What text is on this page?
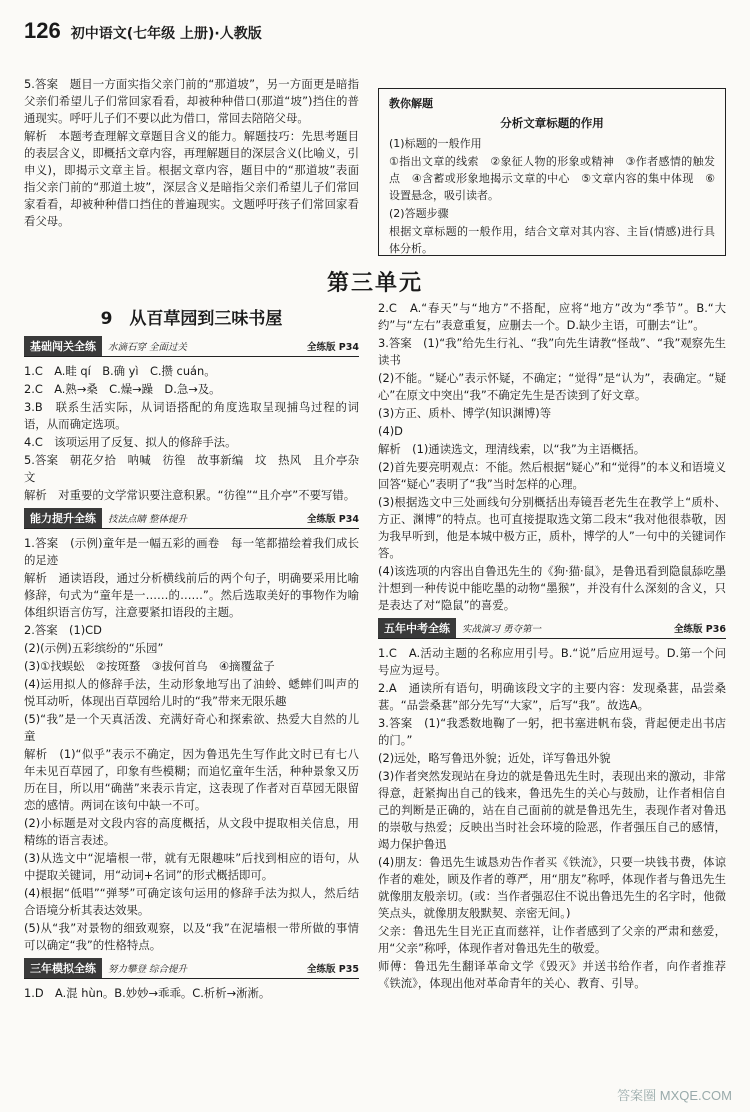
126 初中语文(七年级 上册)·人教版

5.答案　题目一方面实指父亲门前的“那道坡”，另一方面更是暗指父亲们希望儿子们常回家看看，却被种种借口(那道“坡”)挡住的普通现实。呼吁儿子们不要以此为借口，常回去陪陪父母。

解析　本题考查理解文章题目含义的能力。解题技巧：先思考题目的表层含义，即概括文章内容，再理解题目的深层含义(比喻义，引申义)，即揭示文章主旨。根据文章内容，题目中的“那道坡”表面指父亲门前的“那道土坡”，深层含义是暗指父亲们希望儿子们常回家看看，却被种种借口挡住的普遍现实。文题呼吁孩子们常回家看看父母。

教你解题
分析文章标题的作用

(1)标题的一般作用

①指出文章的线索　②象征人物的形象或精神　③作者感情的触发点　④含蓄或形象地揭示文章的中心　⑤文章内容的集中体现　⑥设置悬念，吸引读者。

(2)答题步骤

根据文章标题的一般作用，结合文章对其内容、主旨(情感)进行具体分析。

第三单元
9　从百草园到三味书屋
基础闯关全练	水滴石穿 全面过关	全练版 P34

1.C　A.畦 qí　B.确 yì　C.攒 cuán。

2.C　A.熟→桑　C.燥→躁　D.急→及。

3.B　联系生活实际，从词语搭配的角度选取呈现捕鸟过程的词语，从而确定选项。

4.C　该项运用了反复、拟人的修辞手法。

5.答案　朝花夕拾　呐喊　彷徨　故事新编　坟　热风　且介亭杂文

解析　对重要的文学常识要注意积累。“彷徨”“且介亭”不要写错。

能力提升全练	技法点睛 整体提升	全练版 P34

1.答案　(示例)童年是一幅五彩的画卷　每一笔都描绘着我们成长的足迹

解析　通读语段，通过分析横线前后的两个句子，明确要采用比喻修辞，句式为“童年是一……的……”。然后选取美好的事物作为喻体组织语言仿写，注意要紧扣语段的主题。

2.答案　(1)CD

(2)(示例)五彩缤纷的“乐园”

(3)①找蜈蚣　②按斑蝥　③拔何首乌　④摘覆盆子

(4)运用拟人的修辞手法，生动形象地写出了油蛉、蟋蟀们叫声的悦耳动听，体现出百草园给儿时的“我”带来无限乐趣

(5)“我”是一个天真活泼、充满好奇心和探索欲、热爱大自然的儿童

解析　(1)“似乎”表示不确定，因为鲁迅先生写作此文时已有七八年未见百草园了，印象有些模糊；而追忆童年生活，种种景象又历历在目，所以用“确凿”来表示肯定，这表现了作者对百草园无限留恋的感情。两词在该句中缺一不可。

(2)小标题是对文段内容的高度概括，从文段中提取相关信息，用精练的语言表述。

(3)从选文中“泥墙根一带，就有无限趣味”后找到相应的语句，从中提取关键词，用“动词+名词”的形式概括即可。

(4)根据“低唱”“弹琴”可确定该句运用的修辞手法为拟人，然后结合语境分析其表达效果。

(5)从“我”对景物的细致观察，以及“我”在泥墙根一带所做的事情可以确定“我”的性格特点。

三年模拟全练	努力攀登 综合提升	全练版 P35

1.D　A.混 hùn。B.妙妙→乖乖。C.析析→淅淅。

2.C　A.“春天”与“地方”不搭配，应将“地方”改为“季节”。B.“大约”与“左右”表意重复，应删去一个。D.缺少主语，可删去“让”。

3.答案　(1)“我”给先生行礼、“我”向先生请教“怪哉”、“我”观察先生读书

(2)不能。“疑心”表示怀疑，不确定；“觉得”是“认为”，表确定。“疑心”在原文中突出“我”不确定先生是否读到了好文章。

(3)方正、质朴、博学(知识渊博)等

(4)D

解析　(1)通读选文，理清线索，以“我”为主语概括。

(2)首先要亮明观点：不能。然后根据“疑心”和“觉得”的本义和语境义回答“疑心”表明了“我”当时怎样的心理。

(3)根据选文中三处画线句分别概括出寿镜吾老先生在教学上“质朴、方正、渊博”的特点。也可直接提取选文第二段末“我对他很恭敬，因为我早听到，他是本城中极方正，质朴，博学的人”一句中的关键词作答。

(4)该选项的内容出自鲁迅先生的《狗·猫·鼠》，是鲁迅看到隐鼠舔吃墨汁想到一种传说中能吃墨的动物“墨猴”，并没有什么深刻的含义，只是表达了对“隐鼠”的喜爱。

五年中考全练	实战演习 勇夺第一	全练版 P36

1.C　A.活动主题的名称应用引号。B.“说”后应用逗号。D.第一个问号应为逗号。

2.A　通读所有语句，明确该段文字的主要内容：发现桑葚，品尝桑葚。“品尝桑葚”部分先写“大家”，后写“我”。故选A。

3.答案　(1)“我悉数地鞠了一躬，把书塞进帆布袋，背起便走出书店的门。”

(2)远处，略写鲁迅外貌；近处，详写鲁迅外貌

(3)作者突然发现站在身边的就是鲁迅先生时，表现出来的激动，非常得意，赶紧掏出自己的钱来，鲁迅先生的关心与鼓励，让作者相信自己的判断是正确的，站在自己面前的就是鲁迅先生，表现作者对鲁迅的崇敬与热爱；反映出当时社会环境的险恶，作者强压自己的感情，竭力保护鲁迅

(4)朋友：鲁迅先生诚恳劝告作者买《铁流》，只要一块钱书费，体谅作者的难处，顾及作者的尊严，用“朋友”称呼，体现作者与鲁迅先生就像朋友般亲切。(或：当作者强忍住不说出鲁迅先生的名字时，他微笑点头，就像朋友般默契、亲密无间。)

父亲：鲁迅先生目光正直而慈祥，让作者感到了父亲的严肃和慈爱，用“父亲”称呼，体现作者对鲁迅先生的敬爱。

师傅：鲁迅先生翻译革命文学《毁灭》并送书给作者，向作者推荐《铁流》，体现出他对革命青年的关心、教育、引导。

答案圈 MXQE.COM
